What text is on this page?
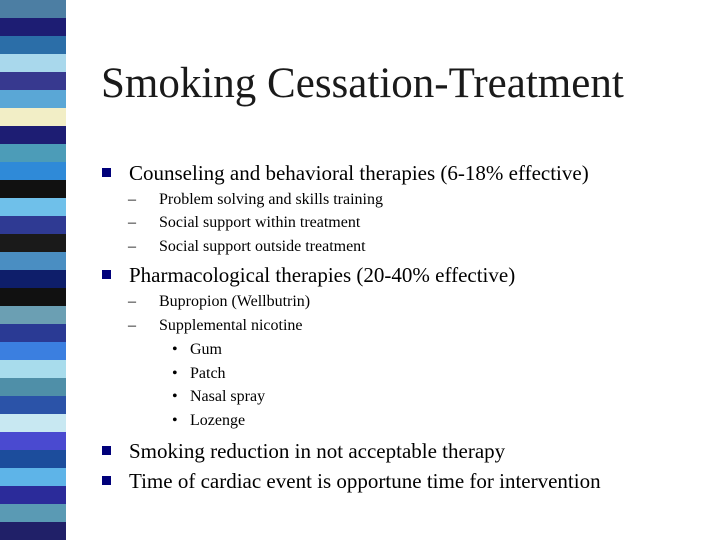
Smoking Cessation-Treatment
Counseling and behavioral therapies (6-18% effective)
– Problem solving and skills training
– Social support within treatment
– Social support outside treatment
Pharmacological therapies (20-40% effective)
– Bupropion (Wellbutrin)
– Supplemental nicotine
• Gum
• Patch
• Nasal spray
• Lozenge
Smoking reduction in not acceptable therapy
Time of cardiac event is opportune time for intervention
